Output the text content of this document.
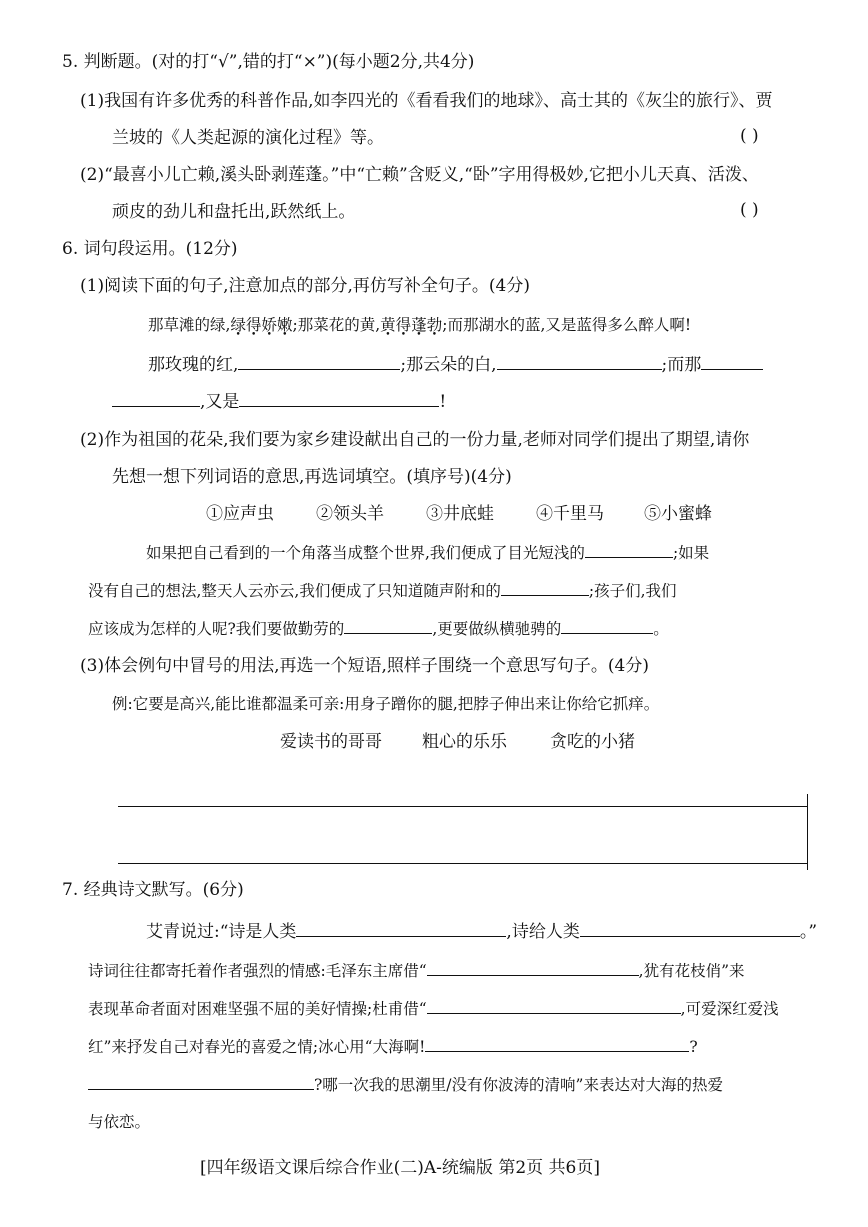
5. 判断题。(对的打“√”,错的打“×”)(每小题2分,共4分)
(1)我国有许多优秀的科普作品,如李四光的《看看我们的地球》、高士其的《灰尘的旅行》、贾
兰坡的《人类起源的演化过程》等。	( )
(2)“最喜小儿亡赖,溪头卧剥莲蓬。”中“亡赖”含贬义,“卧”字用得极妙,它把小儿天真、活泼、
顽皮的劲儿和盘托出,跃然纸上。	( )
6. 词句段运用。(12分)
(1)阅读下面的句子,注意加点的部分,再仿写补全句子。(4分)
那草滩的绿,绿得娇嫩;那菜花的黄,黄得蓬勃;而那湖水的蓝,又是蓝得多么醉人啊!
那玫瑰的红,	;那云朵的白,	;而那
,又是	!
(2)作为祖国的花朵,我们要为家乡建设献出自己的一份力量,老师对同学们提出了期望,请你
先想一想下列词语的意思,再选词填空。(填序号)(4分)
①应声虫 ②领头羊 ③井底蛙 ④千里马 ⑤小蜜蜂
如果把自己看到的一个角落当成整个世界,我们便成了目光短浅的	;如果
没有自己的想法,整天人云亦云,我们便成了只知道随声附和的	;孩子们,我们
应该成为怎样的人呢?我们要做勤劳的	,更要做纵横驰骋的	。
(3)体会例句中冒号的用法,再选一个短语,照样子围绕一个意思写句子。(4分)
例:它要是高兴,能比谁都温柔可亲:用身子蹭你的腿,把脖子伸出来让你给它抓痒。
爱读书的哥哥 粗心的乐乐	贪吃的小猪
7. 经典诗文默写。(6分)
艾青说过:“诗是人类	,诗给人类	。”
诗词往往都寄托着作者强烈的情感:毛泽东主席借“	,犹有花枝俏”来
表现革命者面对困难坚强不屈的美好情操;杜甫借“	,可爱深红爱浅
红”来抒发自己对春光的喜爱之情;冰心用“大海啊!	?
?哪一次我的思潮里/没有你波涛的清响”来表达对大海的热爱
与依恋。
[四年级语文课后综合作业(二)A-统编版 第2页 共6页]
